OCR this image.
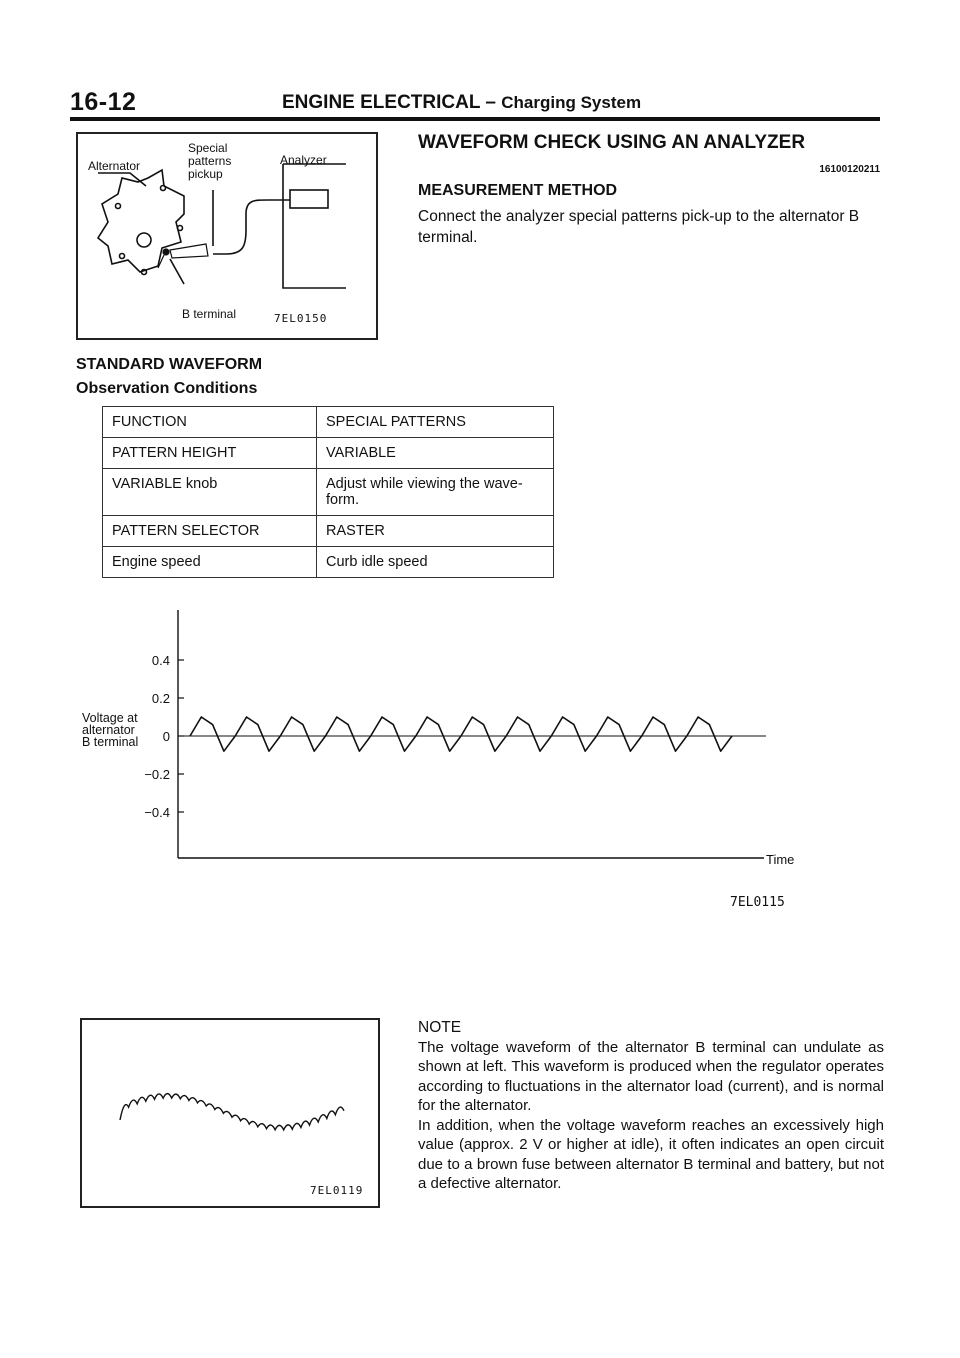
16-12	ENGINE ELECTRICAL – Charging System
Special
patterns
pickup
Analyzer
Alternator
B terminal	7EL0150
WAVEFORM CHECK USING AN ANALYZER
16100120211
MEASUREMENT METHOD
Connect the analyzer special patterns pick-up to the alternator B terminal.
STANDARD WAVEFORM
Observation Conditions
FUNCTION	SPECIAL PATTERNS
PATTERN HEIGHT	VARIABLE
VARIABLE knob	Adjust while viewing the wave-form.
PATTERN SELECTOR	RASTER
Engine speed	Curb idle speed
0.4
0.2
0
−0.2
−0.4
Voltage at
alternator
B terminal
Time
7EL0115
7EL0119
NOTE
The voltage waveform of the alternator B terminal can undulate as shown at left. This waveform is produced when the regulator operates according to fluctuations in the alternator load (current), and is normal for the alternator.
In addition, when the voltage waveform reaches an excessively high value (approx. 2 V or higher at idle), it often indicates an open circuit due to a brown fuse between alternator B terminal and battery, but not a defective alternator.
